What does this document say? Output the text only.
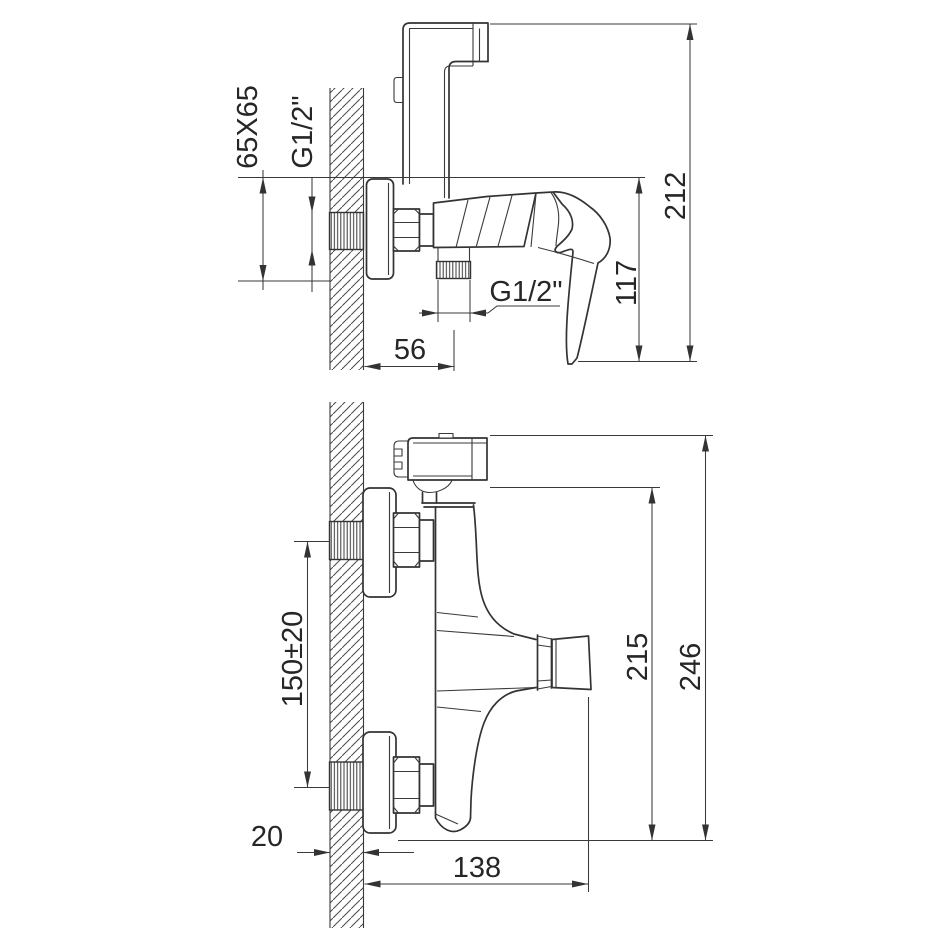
65X65 G1/2"
G1/2"
56
117
212
150±20	215 246
20
138
